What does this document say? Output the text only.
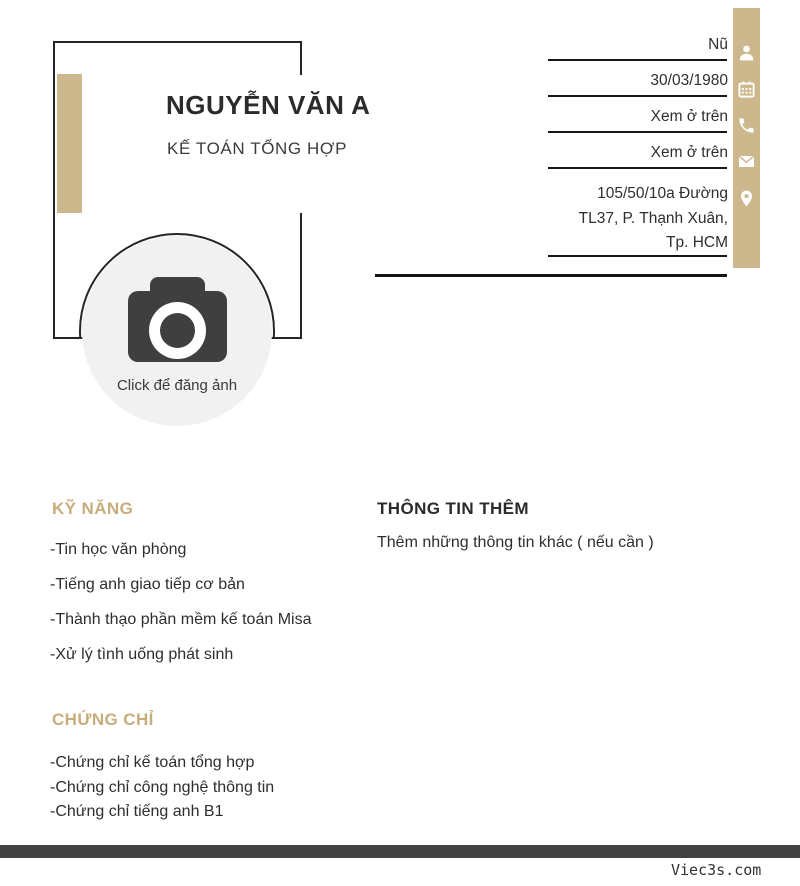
NGUYỄN VĂN A
KẾ TOÁN TỔNG HỢP
Click để đăng ảnh
Nũ
30/03/1980
Xem ở trên
Xem ở trên
105/50/10a Đường
TL37, P. Thạnh Xuân,
Tp. HCM
KỸ NĂNG
-Tin học văn phòng
-Tiếng anh giao tiếp cơ bản
-Thành thạo phần mềm kế toán Misa
-Xử lý tình uống phát sinh
CHỨNG CHỈ
-Chứng chỉ kế toán tổng hợp
-Chứng chỉ công nghệ thông tin
-Chứng chỉ tiếng anh B1
THÔNG TIN THÊM
Thêm những thông tin khác ( nếu cần )
Viec3s.com
